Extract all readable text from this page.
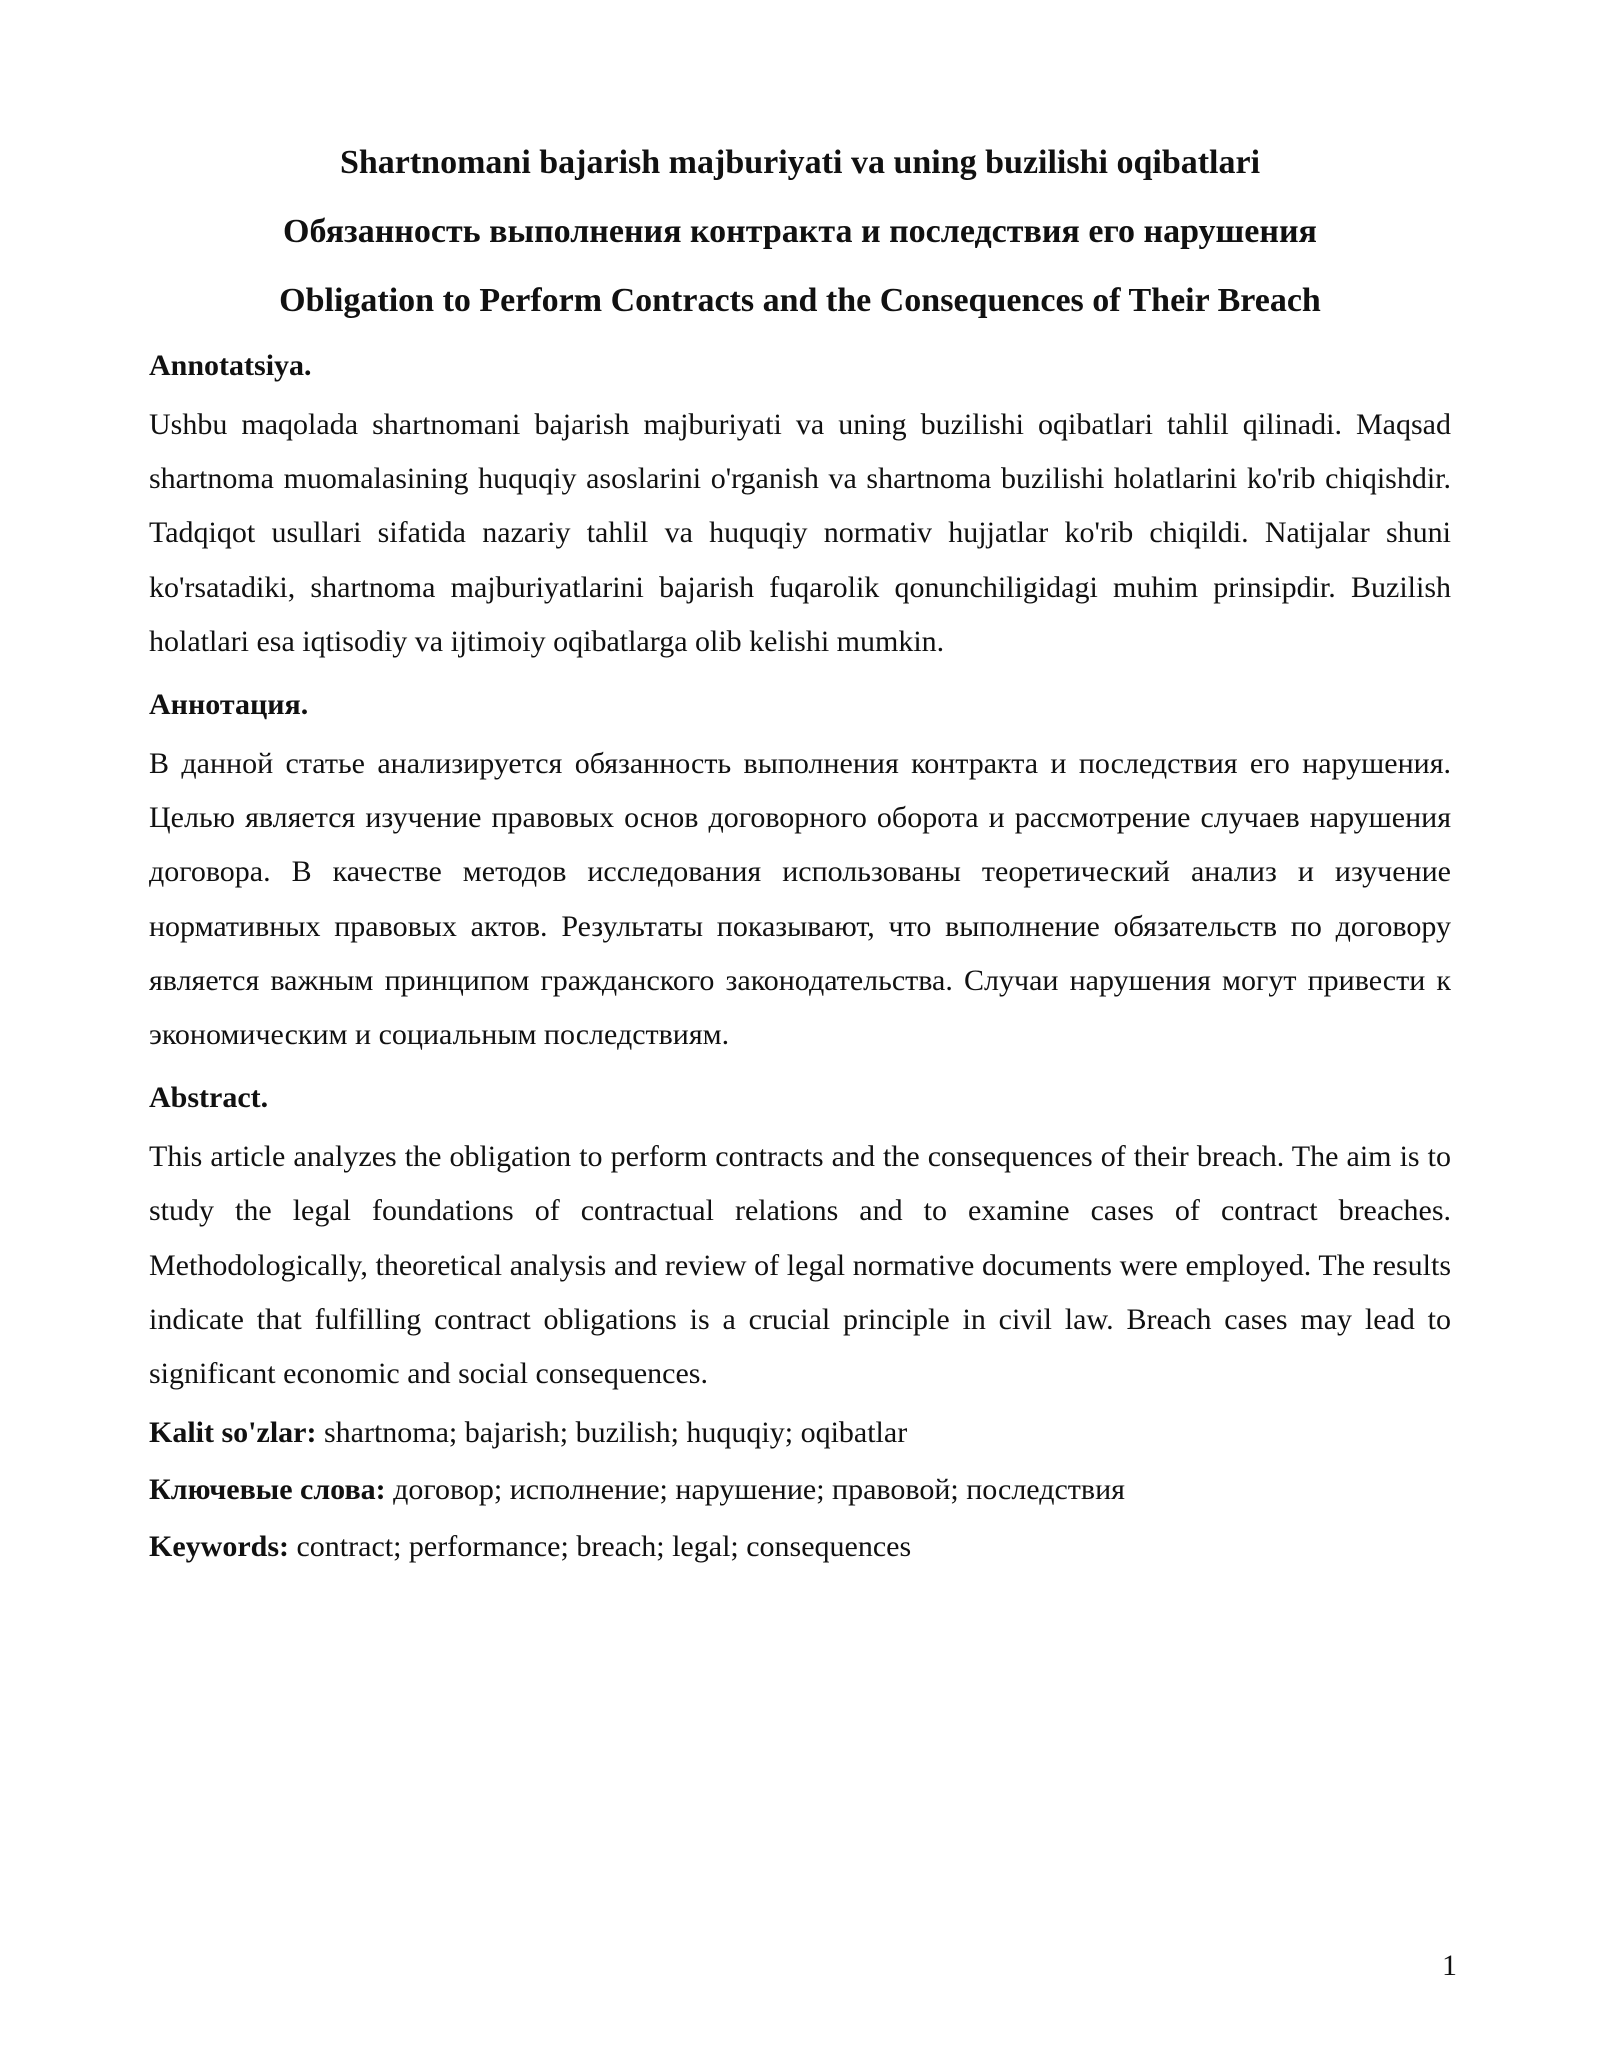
Shartnomani bajarish majburiyati va uning buzilishi oqibatlari
Обязанность выполнения контракта и последствия его нарушения
Obligation to Perform Contracts and the Consequences of Their Breach
Annotatsiya.
Ushbu maqolada shartnomani bajarish majburiyati va uning buzilishi oqibatlari tahlil qilinadi. Maqsad shartnoma muomalasining huquqiy asoslarini o'rganish va shartnoma buzilishi holatlarini ko'rib chiqishdir. Tadqiqot usullari sifatida nazariy tahlil va huquqiy normativ hujjatlar ko'rib chiqildi. Natijalar shuni ko'rsatadiki, shartnoma majburiyatlarini bajarish fuqarolik qonunchiligidagi muhim prinsipdir. Buzilish holatlari esa iqtisodiy va ijtimoiy oqibatlarga olib kelishi mumkin.
Аннотация.
В данной статье анализируется обязанность выполнения контракта и последствия его нарушения. Целью является изучение правовых основ договорного оборота и рассмотрение случаев нарушения договора. В качестве методов исследования использованы теоретический анализ и изучение нормативных правовых актов. Результаты показывают, что выполнение обязательств по договору является важным принципом гражданского законодательства. Случаи нарушения могут привести к экономическим и социальным последствиям.
Abstract.
This article analyzes the obligation to perform contracts and the consequences of their breach. The aim is to study the legal foundations of contractual relations and to examine cases of contract breaches. Methodologically, theoretical analysis and review of legal normative documents were employed. The results indicate that fulfilling contract obligations is a crucial principle in civil law. Breach cases may lead to significant economic and social consequences.
Kalit so'zlar: shartnoma; bajarish; buzilish; huquqiy; oqibatlar
Ключевые слова: договор; исполнение; нарушение; правовой; последствия
Keywords: contract; performance; breach; legal; consequences
1
